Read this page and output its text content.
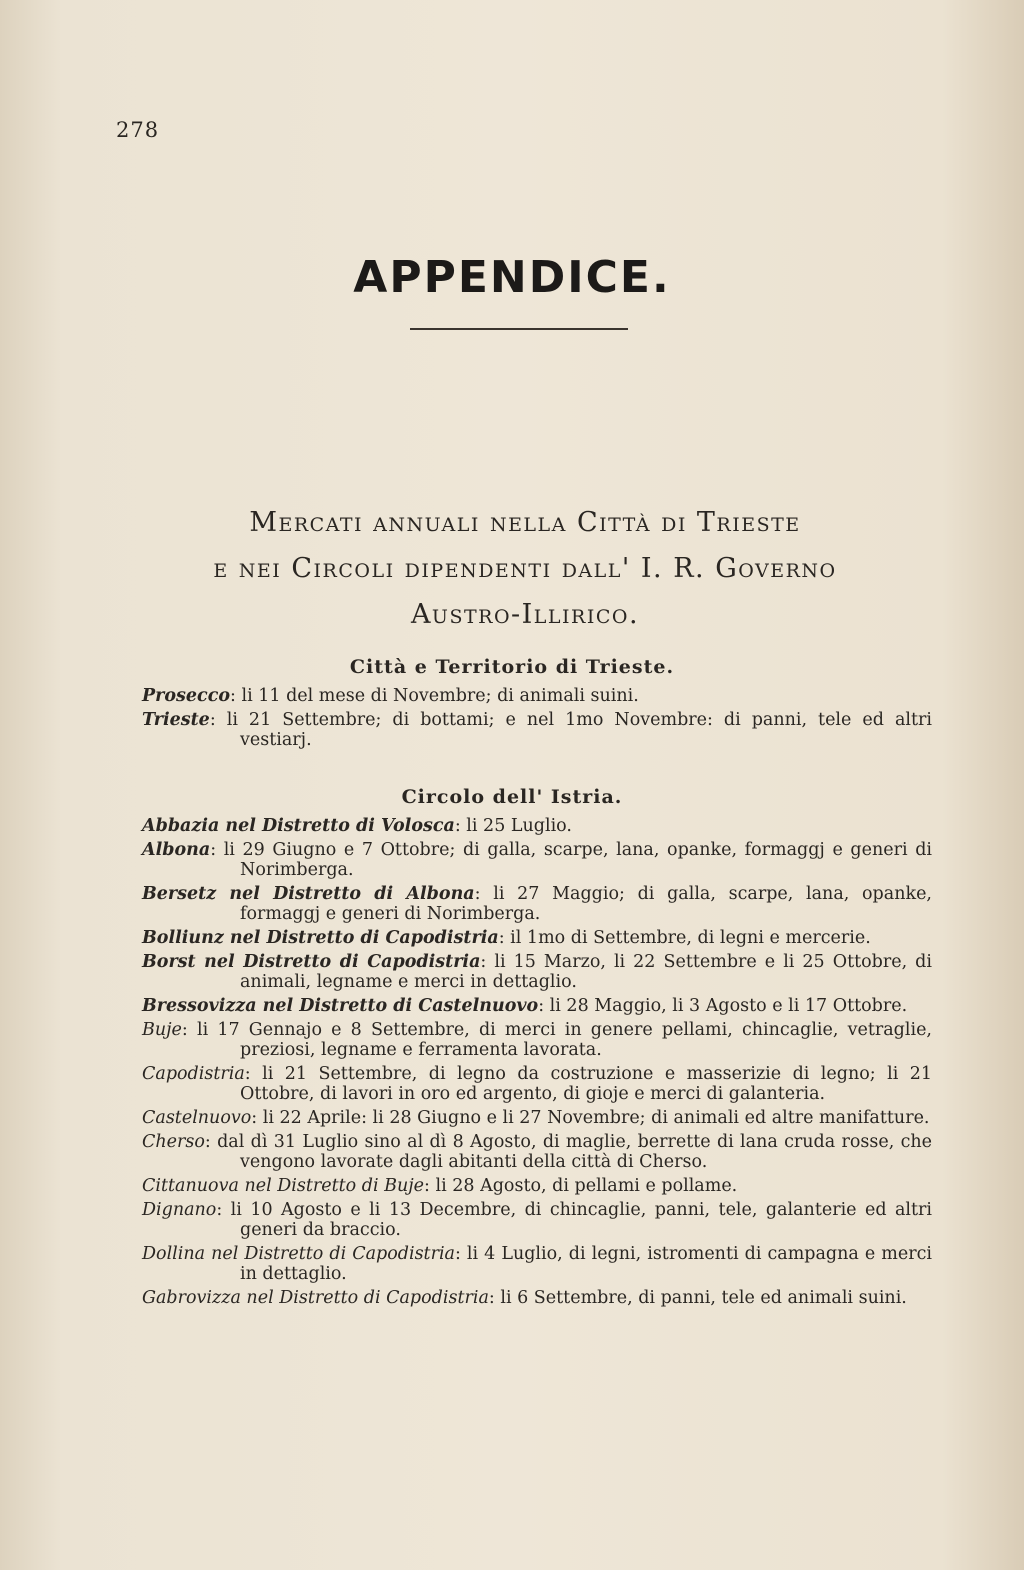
278
APPENDICE.
Mercati annuali nella Città di Trieste
e nei Circoli dipendenti dall' I. R. Governo
Austro-Illirico.
Città e Territorio di Trieste.

Prosecco: li 11 del mese di Novembre; di animali suini.

Trieste: li 21 Settembre; di bottami; e nel 1mo Novembre: di panni, tele ed altri vestiarj.

Circolo dell' Istria.

Abbazia nel Distretto di Volosca: li 25 Luglio.

Albona: li 29 Giugno e 7 Ottobre; di galla, scarpe, lana, opanke, formaggj e generi di Norimberga.

Bersetz nel Distretto di Albona: li 27 Maggio; di galla, scarpe, lana, opanke, formaggj e generi di Norimberga.

Bolliunz nel Distretto di Capodistria: il 1mo di Settembre, di legni e mercerie.

Borst nel Distretto di Capodistria: li 15 Marzo, li 22 Settembre e li 25 Ottobre, di animali, legname e merci in dettaglio.

Bressovizza nel Distretto di Castelnuovo: li 28 Maggio, li 3 Agosto e li 17 Ottobre.

Buje: li 17 Gennajo e 8 Settembre, di merci in genere pellami, chincaglie, vetraglie, preziosi, legname e ferramenta lavorata.

Capodistria: li 21 Settembre, di legno da costruzione e masserizie di legno; li 21 Ottobre, di lavori in oro ed argento, di gioje e merci di galanteria.

Castelnuovo: li 22 Aprile: li 28 Giugno e li 27 Novembre; di animali ed altre manifatture.

Cherso: dal dì 31 Luglio sino al dì 8 Agosto, di maglie, berrette di lana cruda rosse, che vengono lavorate dagli abitanti della città di Cherso.

Cittanuova nel Distretto di Buje: li 28 Agosto, di pellami e pollame.

Dignano: li 10 Agosto e li 13 Decembre, di chincaglie, panni, tele, galanterie ed altri generi da braccio.

Dollina nel Distretto di Capodistria: li 4 Luglio, di legni, istromenti di campagna e merci in dettaglio.

Gabrovizza nel Distretto di Capodistria: li 6 Settembre, di panni, tele ed animali suini.
